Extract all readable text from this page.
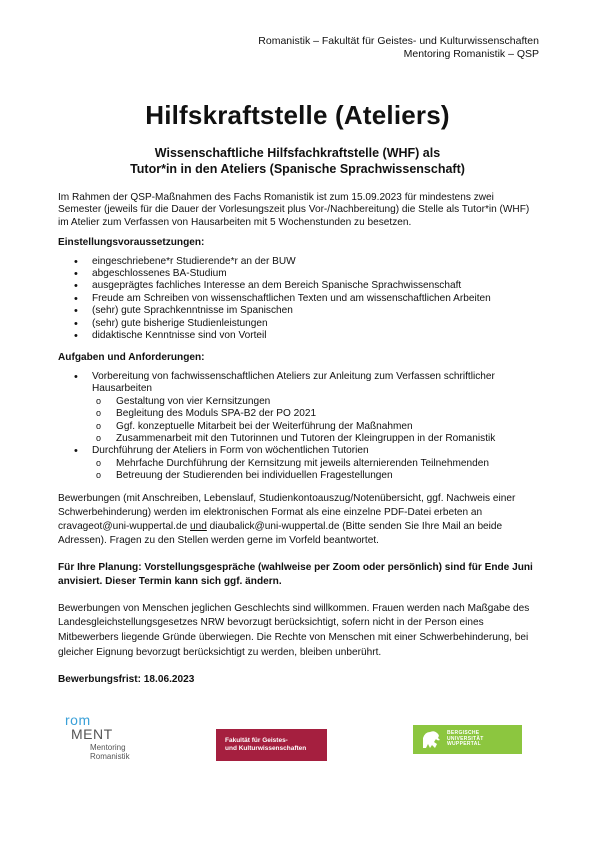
Romanistik – Fakultät für Geistes- und Kulturwissenschaften
Mentoring Romanistik – QSP
Hilfskraftstelle (Ateliers)
Wissenschaftliche Hilfsfachkraftstelle (WHF) als
Tutor*in in den Ateliers (Spanische Sprachwissenschaft)

Im Rahmen der QSP-Maßnahmen des Fachs Romanistik ist zum 15.09.2023 für mindestens zwei Semester (jeweils für die Dauer der Vorlesungszeit plus Vor-/Nachbereitung) die Stelle als Tutor*in (WHF) im Atelier zum Verfassen von Hausarbeiten mit 5 Wochenstunden zu besetzen.

Einstellungsvoraussetzungen:

• eingeschriebene*r Studierende*r an der BUW
• abgeschlossenes BA-Studium
• ausgeprägtes fachliches Interesse an dem Bereich Spanische Sprachwissenschaft
• Freude am Schreiben von wissenschaftlichen Texten und am wissenschaftlichen Arbeiten
• (sehr) gute Sprachkenntnisse im Spanischen
• (sehr) gute bisherige Studienleistungen
• didaktische Kenntnisse sind von Vorteil

Aufgaben und Anforderungen:

• Vorbereitung von fachwissenschaftlichen Ateliers zur Anleitung zum Verfassen schriftlicher Hausarbeiten
o Gestaltung von vier Kernsitzungen
o Begleitung des Moduls SPA-B2 der PO 2021
o Ggf. konzeptuelle Mitarbeit bei der Weiterführung der Maßnahmen
o Zusammenarbeit mit den Tutorinnen und Tutoren der Kleingruppen in der Romanistik
• Durchführung der Ateliers in Form von wöchentlichen Tutorien
o Mehrfache Durchführung der Kernsitzung mit jeweils alternierenden Teilnehmenden
o Betreuung der Studierenden bei individuellen Fragestellungen

Bewerbungen (mit Anschreiben, Lebenslauf, Studienkontoauszug/Notenübersicht, ggf. Nachweis einer Schwerbehinderung) werden im elektronischen Format als eine einzelne PDF-Datei erbeten an cravageot@uni-wuppertal.de und diaubalick@uni-wuppertal.de (Bitte senden Sie Ihre Mail an beide Adressen). Fragen zu den Stellen werden gerne im Vorfeld beantwortet.

Für Ihre Planung: Vorstellungsgespräche (wahlweise per Zoom oder persönlich) sind für Ende Juni anvisiert. Dieser Termin kann sich ggf. ändern.

Bewerbungen von Menschen jeglichen Geschlechts sind willkommen. Frauen werden nach Maßgabe des Landesgleichstellungsgesetzes NRW bevorzugt berücksichtigt, sofern nicht in der Person eines Mitbewerbers liegende Gründe überwiegen. Die Rechte von Menschen mit einer Schwerbehinderung, bei gleicher Eignung bevorzugt berücksichtigt zu werden, bleiben unberührt.

Bewerbungsfrist: 18.06.2023

rom
MENT
Mentoring
Romanistik
Fakultät für Geistes-
und Kulturwissenschaften
BERGISCHE
UNIVERSITÄT
WUPPERTAL
